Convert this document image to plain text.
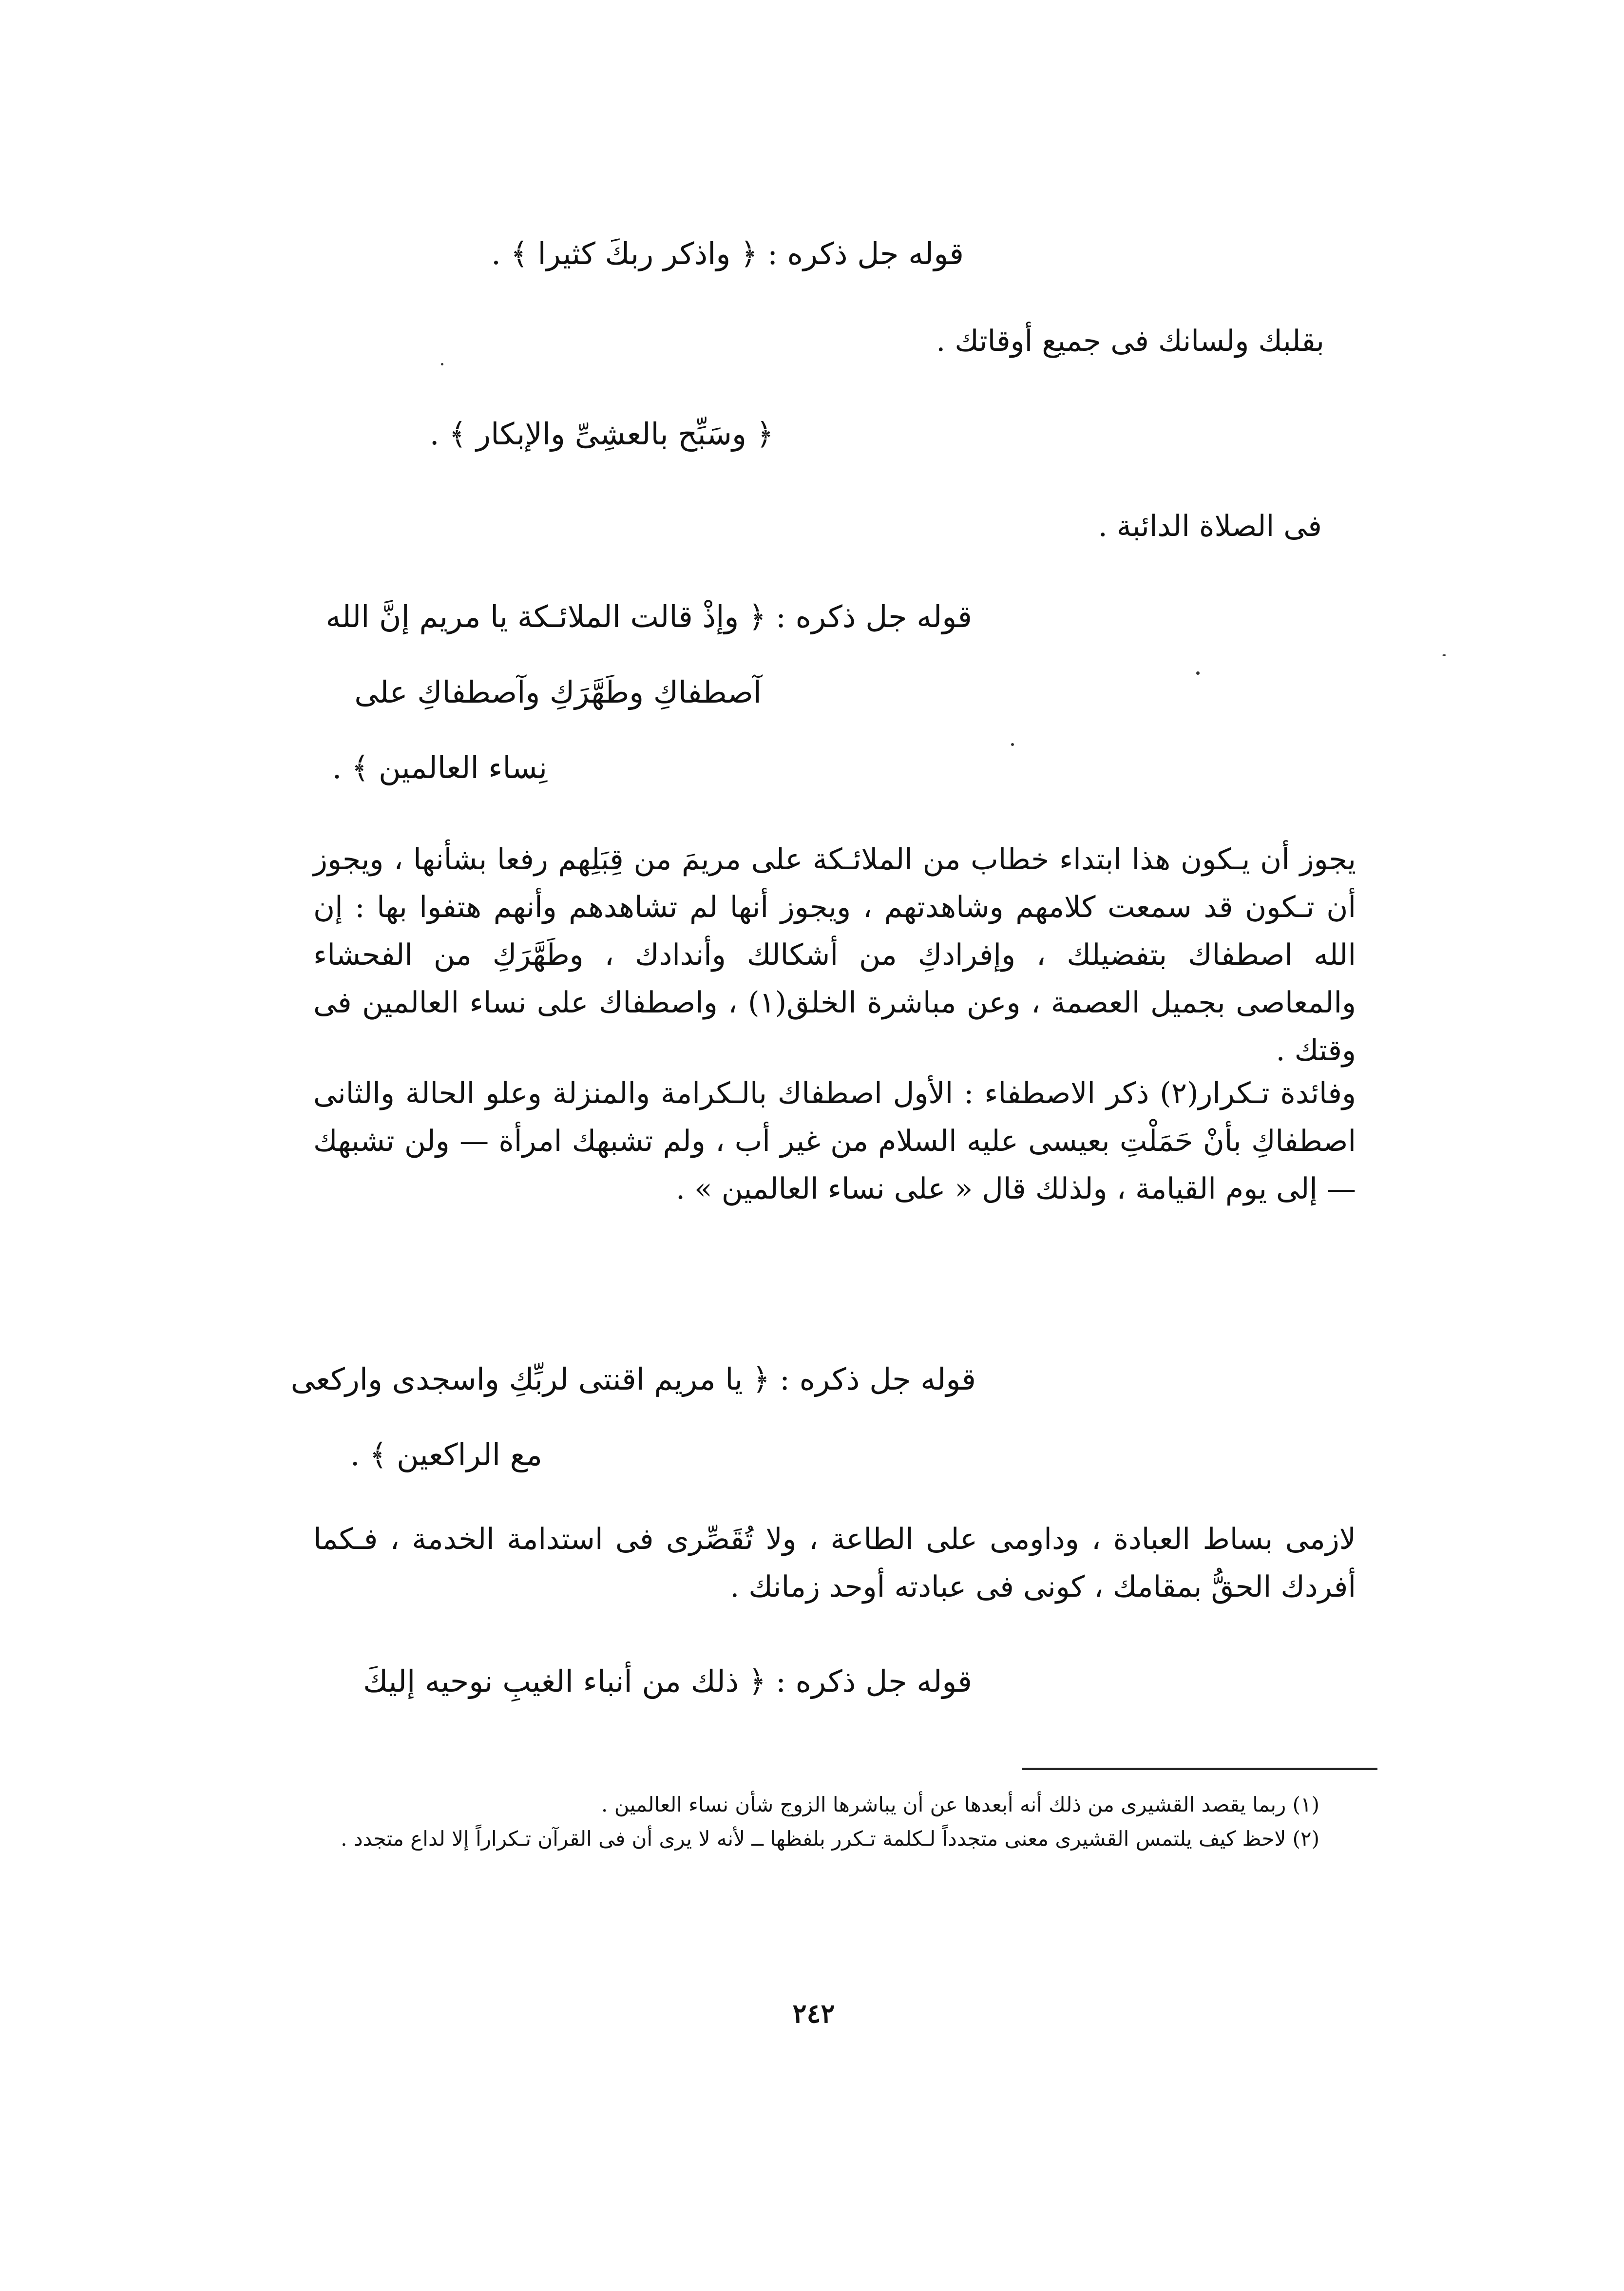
قوله جل ذكره : ﴿ واذكر ربكَ كثيرا ﴾ .
بقلبك ولسانك فى جميع أوقاتك .
﴿ وسَبِّح بالعشِىِّ والإبكار ﴾ .
فى الصلاة الدائبة .
قوله جل ذكره : ﴿ وإذْ قالت الملائـكة يا مريم إنَّ الله
آصطفاكِ وطَهَّرَكِ وآصطفاكِ على
نِساء العالمين ﴾ .
يجوز أن يـكون هذا ابتداء خطاب من الملائـكة على مريمَ من قِبَلِهم رفعا بشأنها ، ويجوز أن تـكون قد سمعت كلامهم وشاهدتهم ، ويجوز أنها لم تشاهدهم وأنهم هتفوا بها : إن الله اصطفاك بتفضيلك ، وإفرادكِ من أشكالك وأندادك ، وطَهَّرَكِ من الفحشاء والمعاصى بجميل العصمة ، وعن مباشرة الخلق(١) ، واصطفاك على نساء العالمين فى وقتك .
وفائدة تـكرار(٢) ذكر الاصطفاء : الأول اصطفاك بالـكرامة والمنزلة وعلو الحالة والثانى اصطفاكِ بأنْ حَمَلْتِ بعيسى عليه السلام من غير أب ، ولم تشبهك امرأة — ولن تشبهك — إلى يوم القيامة ، ولذلك قال « على نساء العالمين » .
قوله جل ذكره : ﴿ يا مريم اقنتى لربِّكِ واسجدى واركعى
مع الراكعين ﴾ .
لازمى بساط العبادة ، وداومى على الطاعة ، ولا تُقَصِّرى فى استدامة الخدمة ، فـكما أفردك الحقُّ بمقامك ، كونى فى عبادته أوحد زمانك .
قوله جل ذكره : ﴿ ذلك من أنباء الغيبِ نوحيه إليكَ
(١) ربما يقصد القشيرى من ذلك أنه أبعدها عن أن يباشرها الزوج شأن نساء العالمين .
(٢) لاحظ كيف يلتمس القشيرى معنى متجدداً لـكلمة تـكرر بلفظها ــ لأنه لا يرى أن فى القرآن تـكراراً إلا لداع متجدد .
٢٤٢
